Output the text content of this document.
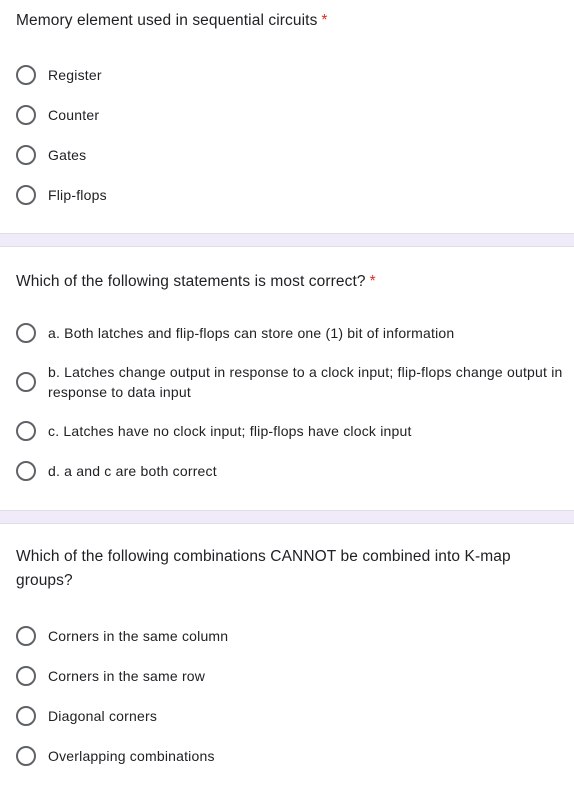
Memory element used in sequential circuits *

Register
Counter
Gates
Flip-flops

Which of the following statements is most correct? *

a. Both latches and flip-flops can store one (1) bit of information
b. Latches change output in response to a clock input; flip-flops change output in response to data input
c. Latches have no clock input; flip-flops have clock input
d. a and c are both correct

Which of the following combinations CANNOT be combined into K-map groups?

Corners in the same column
Corners in the same row
Diagonal corners
Overlapping combinations
